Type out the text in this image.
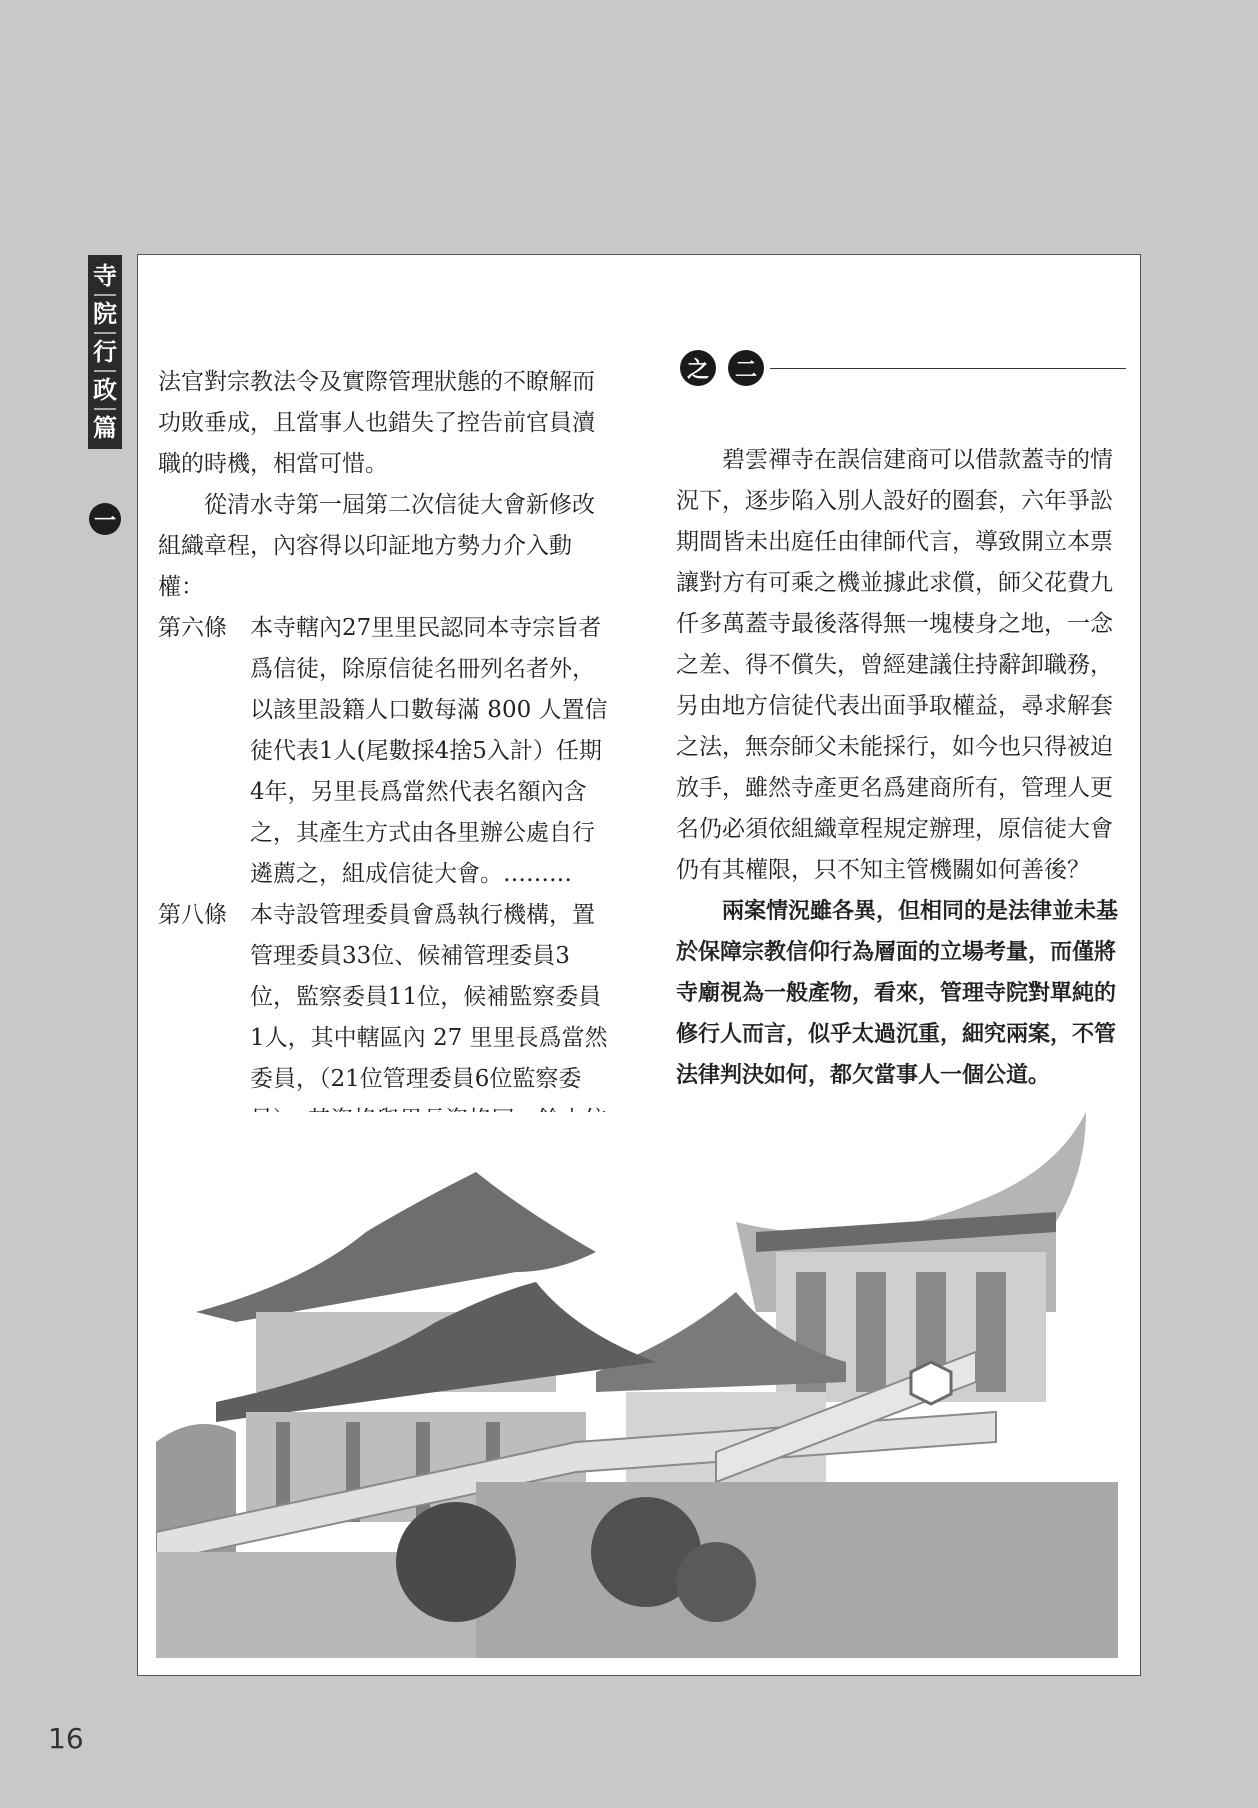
寺
院
行
政
篇
一

法官對宗教法令及實際管理狀態的不瞭解而功敗垂成，且當事人也錯失了控告前官員瀆職的時機，相當可惜。

從清水寺第一屆第二次信徒大會新修改組織章程，內容得以印証地方勢力介入動權：

第六條	本寺轄內27里里民認同本寺宗旨者爲信徒，除原信徒名冊列名者外，以該里設籍人口數每滿 800 人置信徒代表1人(尾數採4捨5入計）任期 4年，另里長爲當然代表名額內含之，其產生方式由各里辦公處自行遴薦之，組成信徒大會。………
第八條	本寺設管理委員會爲執行機構，置管理委員33位、候補管理委員3位，監察委員11位，候補監察委員1人，其中轄區內 27 里里長爲當然委員，（21位管理委員6位監察委
之	二

碧雲禪寺在誤信建商可以借款蓋寺的情況下，逐步陷入別人設好的圈套，六年爭訟期間皆未出庭任由律師代言，導致開立本票讓對方有可乘之機並據此求償，師父花費九仟多萬蓋寺最後落得無一塊棲身之地，一念之差、得不償失，曾經建議住持辭卸職務，另由地方信徒代表出面爭取權益，尋求解套之法，無奈師父未能採行，如今也只得被迫放手，雖然寺產更名爲建商所有，管理人更名仍必須依組織章程規定辦理，原信徒大會仍有其權限，只不知主管機關如何善後？

兩案情況雖各異，但相同的是法律並未基於保障宗教信仰行為層面的立場考量，而僅將寺廟視為一般產物，看來，管理寺院對單純的修行人而言，似乎太過沉重，細究兩案，不管法律判決如何，都欠當事人一個公道。

16
